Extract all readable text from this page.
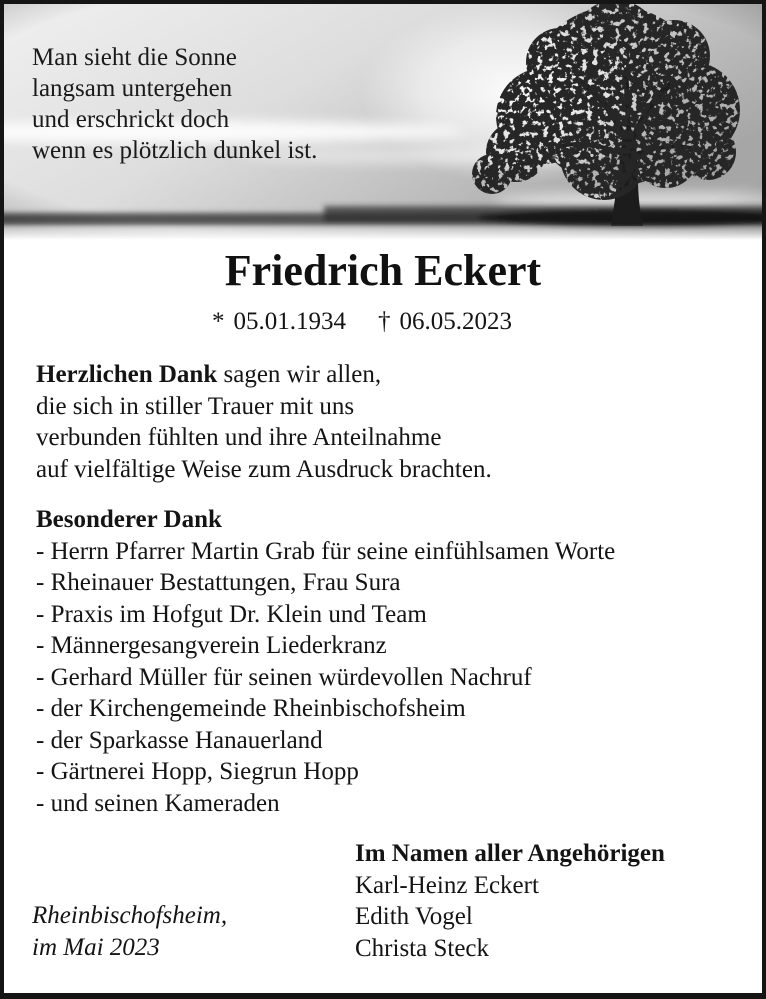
Man sieht die Sonne
langsam untergehen
und erschrickt doch
wenn es plötzlich dunkel ist.
Friedrich Eckert
* 05.01.1934 † 06.05.2023
Herzlichen Dank sagen wir allen,
die sich in stiller Trauer mit uns
verbunden fühlten und ihre Anteilnahme
auf vielfältige Weise zum Ausdruck brachten.
Besonderer Dank
- Herrn Pfarrer Martin Grab für seine einfühlsamen Worte
- Rheinauer Bestattungen, Frau Sura
- Praxis im Hofgut Dr. Klein und Team
- Männergesangverein Liederkranz
- Gerhard Müller für seinen würdevollen Nachruf
- der Kirchengemeinde Rheinbischofsheim
- der Sparkasse Hanauerland
- Gärtnerei Hopp, Siegrun Hopp
- und seinen Kameraden
Im Namen aller Angehörigen
Karl-Heinz Eckert
Edith Vogel
Christa Steck
Rheinbischofsheim,
im Mai 2023
